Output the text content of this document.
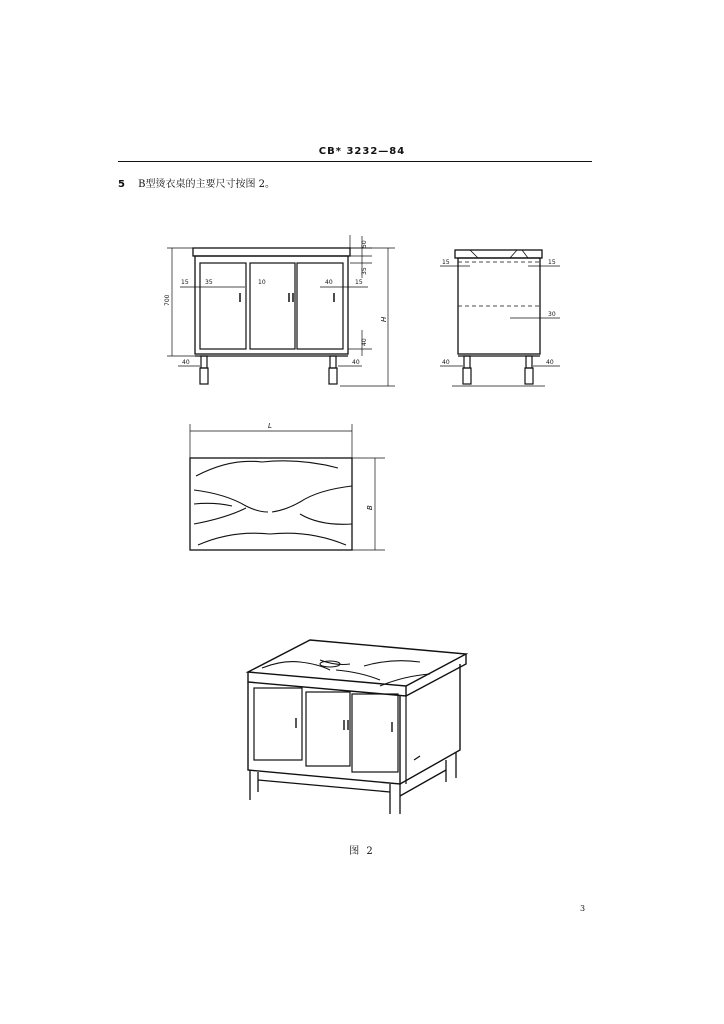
CB* 3232—84
5 B型烫衣桌的主要尺寸按图 2。
700
15	35	10	40	15
50
35
40
40	40
H
15	15
30
40	40
L
B
图 2
3
